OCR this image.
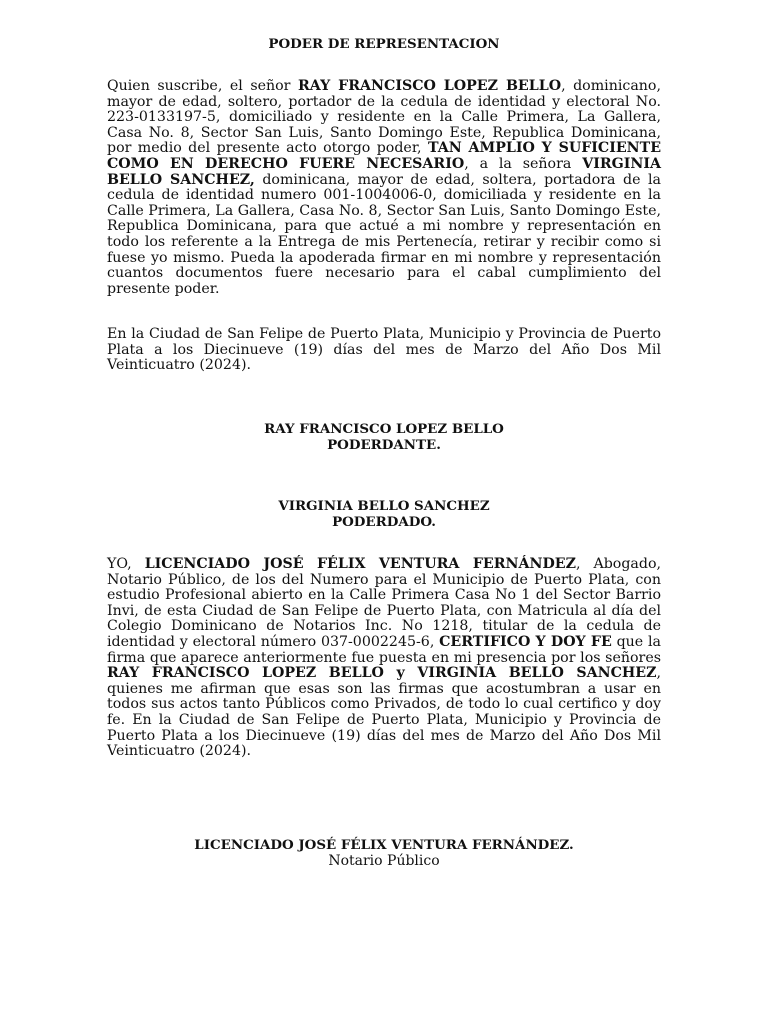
PODER DE REPRESENTACION

Quien suscribe, el señor RAY FRANCISCO LOPEZ BELLO, dominicano, mayor de edad, soltero, portador de la cedula de identidad y electoral No. 223-0133197-5, domiciliado y residente en la Calle Primera, La Gallera, Casa No. 8, Sector San Luis, Santo Domingo Este, Republica Dominicana, por medio del presente acto otorgo poder, TAN AMPLIO Y SUFICIENTE COMO EN DERECHO FUERE NECESARIO, a la señora VIRGINIA BELLO SANCHEZ, dominicana, mayor de edad, soltera, portadora de la cedula de identidad numero 001-1004006-0, domiciliada y residente en la Calle Primera, La Gallera, Casa No. 8, Sector San Luis, Santo Domingo Este, Republica Dominicana, para que actué a mi nombre y representación en todo los referente a la Entrega de mis Pertenecía, retirar y recibir como si fuese yo mismo. Pueda la apoderada firmar en mi nombre y representación cuantos documentos fuere necesario para el cabal cumplimiento del presente poder.

En la Ciudad de San Felipe de Puerto Plata, Municipio y Provincia de Puerto Plata a los Diecinueve (19) días del mes de Marzo del Año Dos Mil Veinticuatro (2024).

RAY FRANCISCO LOPEZ BELLO
PODERDANTE.
VIRGINIA BELLO SANCHEZ
PODERDADO.

YO, LICENCIADO JOSÉ FÉLIX VENTURA FERNÁNDEZ, Abogado, Notario Público, de los del Numero para el Municipio de Puerto Plata, con estudio Profesional abierto en la Calle Primera Casa No 1 del Sector Barrio Invi, de esta Ciudad de San Felipe de Puerto Plata, con Matricula al día del Colegio Dominicano de Notarios Inc. No 1218, titular de la cedula de identidad y electoral número 037-0002245-6, CERTIFICO Y DOY FE que la firma que aparece anteriormente fue puesta en mi presencia por los señores RAY FRANCISCO LOPEZ BELLO y VIRGINIA BELLO SANCHEZ, quienes me afirman que esas son las firmas que acostumbran a usar en todos sus actos tanto Públicos como Privados, de todo lo cual certifico y doy fe. En la Ciudad de San Felipe de Puerto Plata, Municipio y Provincia de Puerto Plata a los Diecinueve (19) días del mes de Marzo del Año Dos Mil Veinticuatro (2024).

LICENCIADO JOSÉ FÉLIX VENTURA FERNÁNDEZ.
Notario Público
